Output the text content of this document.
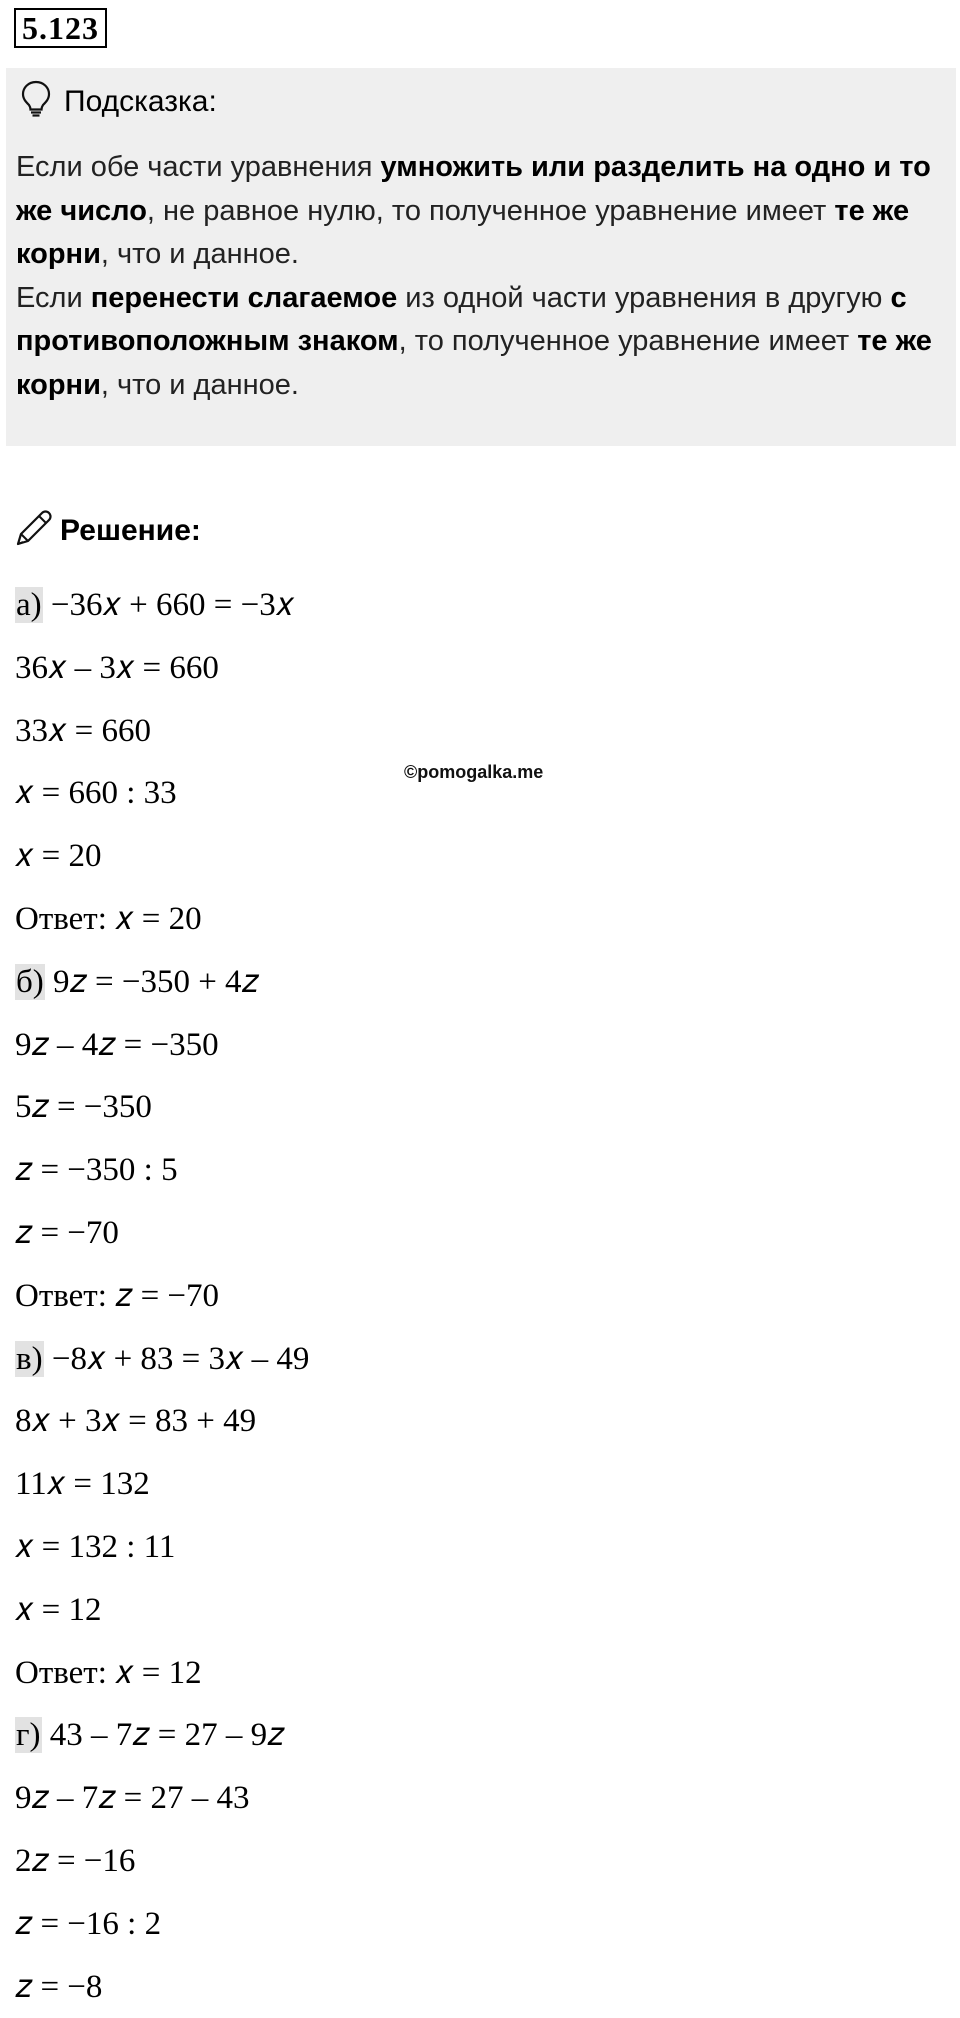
5.123
Подсказка:
Если обе части уравнения умножить или разделить на одно и то же число, не равное нулю, то полученное уравнение имеет те же корни, что и данное.
Если перенести слагаемое из одной части уравнения в другую с противоположным знаком, то полученное уравнение имеет те же корни, что и данное.
Решение:
©pomogalka.me
а) −36𝑥 + 660 = −3𝑥
36𝑥 – 3𝑥 = 660
33𝑥 = 660
𝑥 = 660 : 33
𝑥 = 20
Ответ: 𝑥 = 20
б) 9𝑧 = −350 + 4𝑧
9𝑧 – 4𝑧 = −350
5𝑧 = −350
𝑧 = −350 : 5
𝑧 = −70
Ответ: 𝑧 = −70
в) −8𝑥 + 83 = 3𝑥 – 49
8𝑥 + 3𝑥 = 83 + 49
11𝑥 = 132
𝑥 = 132 : 11
𝑥 = 12
Ответ: 𝑥 = 12
г) 43 – 7𝑧 = 27 – 9𝑧
9𝑧 – 7𝑧 = 27 – 43
2𝑧 = −16
𝑧 = −16 : 2
𝑧 = −8
